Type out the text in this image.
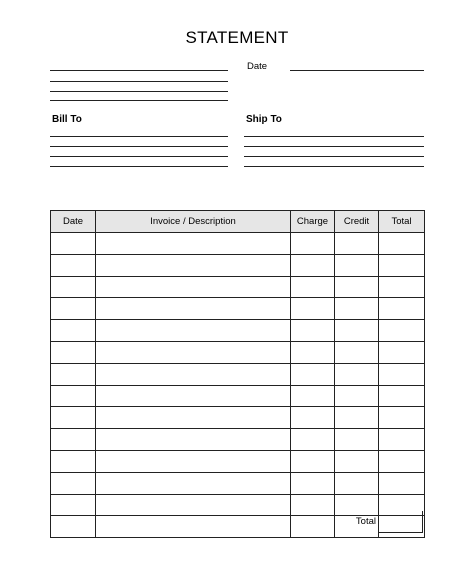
STATEMENT
Date
Bill To	Ship To
Date	Invoice / Description	Charge	Credit	Total

Total
